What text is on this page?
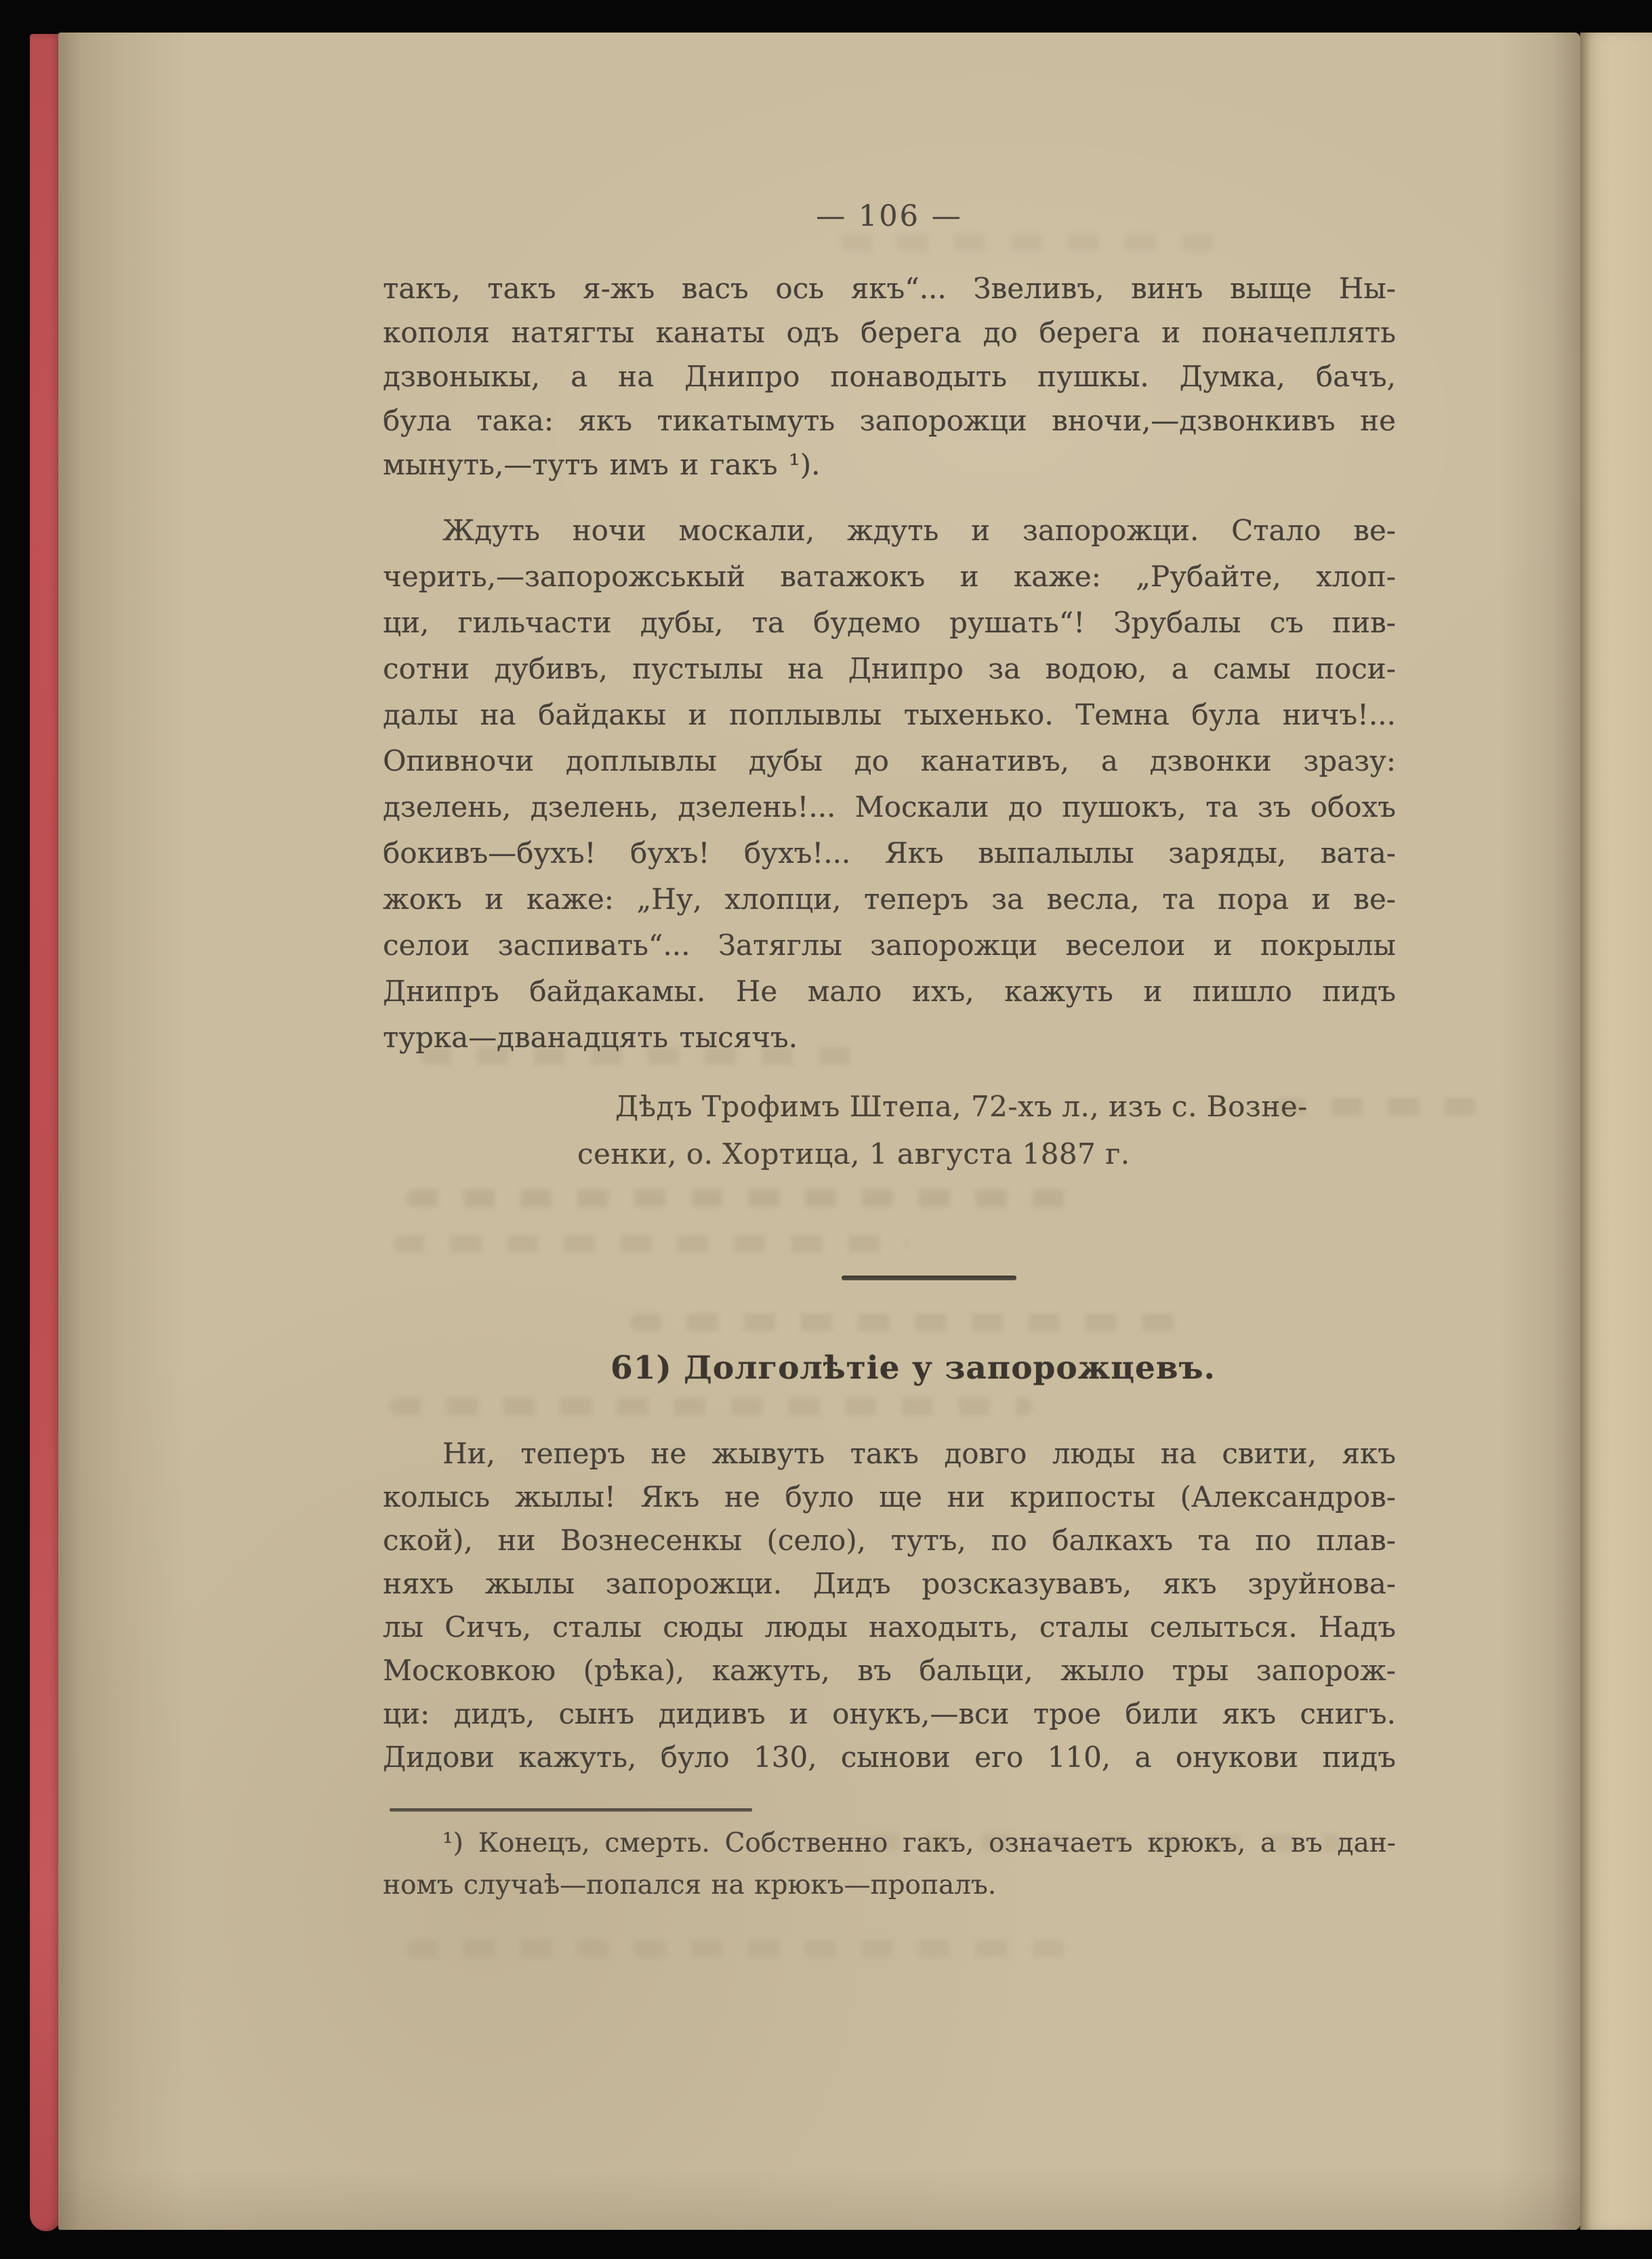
— 106 —
такъ, такъ я-жъ васъ ось якъ“... Звеливъ, винъ выще Ны-
кополя натягты канаты одъ берега до берега и поначеплять
дзвоныкы, а на Днипро понаводыть пушкы. Думка, бачъ,
була така: якъ тикатымуть запорожци вночи,—дзвонкивъ не
мынуть,—тутъ имъ и гакъ ¹).
Ждуть ночи москали, ждуть и запорожци. Стало ве-
черить,—запорожськый ватажокъ и каже: „Рубайте, хлоп-
ци, гильчасти дубы, та будемо рушать“! Зрубалы съ пив-
сотни дубивъ, пустылы на Днипро за водою, а самы поси-
далы на байдакы и поплывлы тыхенько. Темна була ничъ!...
Опивночи доплывлы дубы до канативъ, а дзвонки зразу:
дзелень, дзелень, дзелень!... Москали до пушокъ, та зъ обохъ
бокивъ—бухъ! бухъ! бухъ!... Якъ выпалылы заряды, вата-
жокъ и каже: „Ну, хлопци, теперъ за весла, та пора и ве-
селои заспивать“... Затяглы запорожци веселои и покрылы
Днипръ байдакамы. Не мало ихъ, кажуть и пишло пидъ
турка—дванадцять тысячъ.
Дѣдъ Трофимъ Штепа, 72-хъ л., изъ с. Возне-
сенки, о. Хортица, 1 августа 1887 г.
61) Долголѣтіе у запорожцевъ.
Ни, теперъ не жывуть такъ довго люды на свити, якъ
колысь жылы! Якъ не було ще ни крипосты (Александров-
ской), ни Вознесенкы (село), тутъ, по балкахъ та по плав-
няхъ жылы запорожци. Дидъ розсказувавъ, якъ зруйнова-
лы Сичъ, сталы сюды люды находыть, сталы селыться. Надъ
Московкою (рѣка), кажуть, въ бальци, жыло тры запорож-
ци: дидъ, сынъ дидивъ и онукъ,—вси трое били якъ снигъ.
Дидови кажуть, було 130, сынови его 110, а онукови пидъ
¹) Конецъ, смерть. Собственно гакъ, означаетъ крюкъ, а въ дан-
номъ случаѣ—попался на крюкъ—пропалъ.
